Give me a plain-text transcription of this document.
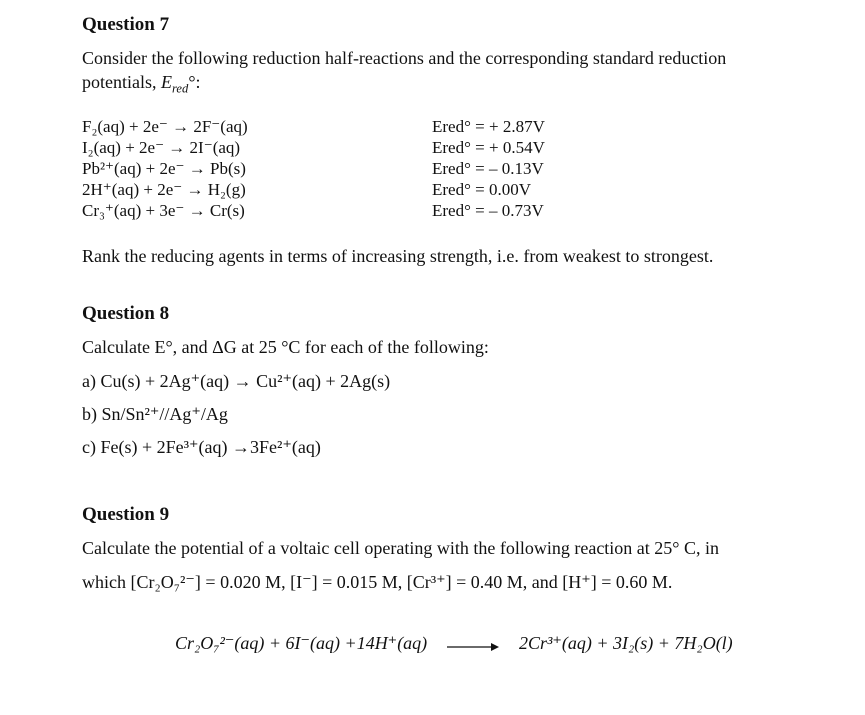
Question 7
Consider the following reduction half-reactions and the corresponding standard reduction
potentials, $E_{red}^\circ$:
F₂(aq) + 2e⁻ → 2F⁻(aq)	Ered° = + 2.87V
I₂(aq) + 2e⁻ → 2I⁻(aq)	Ered° = + 0.54V
Pb²⁺(aq) + 2e⁻ → Pb(s)	Ered° = – 0.13V
2H⁺(aq) + 2e⁻ → H₂(g)	Ered° = 0.00V
Cr₃⁺(aq) + 3e⁻ → Cr(s)	Ered° = – 0.73V
Rank the reducing agents in terms of increasing strength, i.e. from weakest to strongest.
Question 8
Calculate E°, and ΔG at 25 °C for each of the following:
a) Cu(s) + 2Ag⁺(aq) → Cu²⁺(aq) + 2Ag(s)
b) Sn/Sn²⁺//Ag⁺/Ag
c) Fe(s) + 2Fe³⁺(aq) →3Fe²⁺(aq)
Question 9
Calculate the potential of a voltaic cell operating with the following reaction at 25° C, in
which [Cr₂O₇²⁻] = 0.020 M, [I⁻] = 0.015 M, [Cr³⁺] = 0.40 M, and [H⁺] = 0.60 M.
Cr₂O₇²⁻(aq) + 6I⁻(aq) +14H⁺(aq) → 2Cr³⁺(aq) + 3I₂(s) + 7H₂O(l)
